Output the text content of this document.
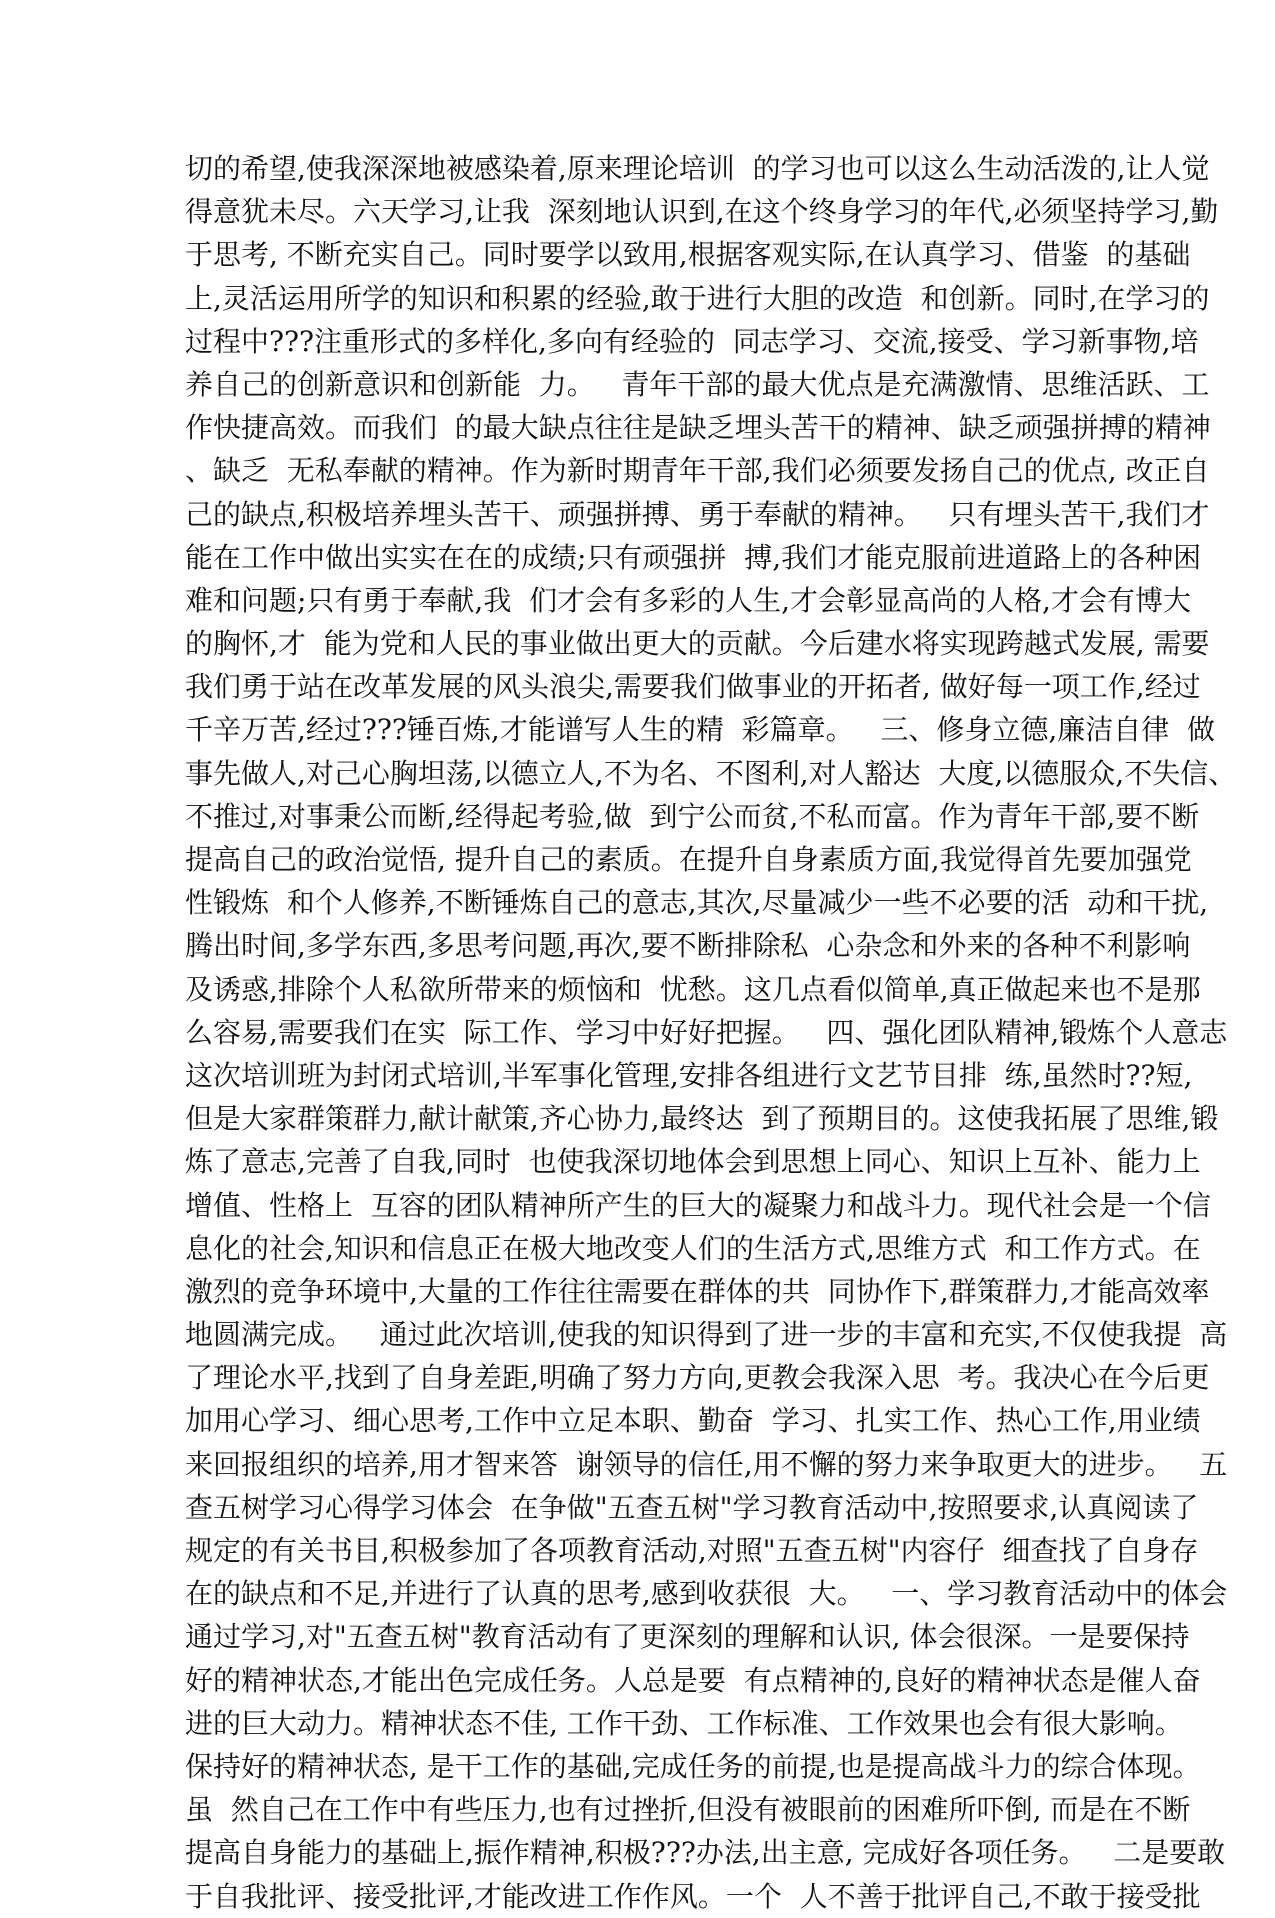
切的希望,使我深深地被感染着,原来理论培训  的学习也可以这么生动活泼的,让人觉
得意犹未尽。六天学习,让我  深刻地认识到,在这个终身学习的年代,必须坚持学习,勤
于思考, 不断充实自己。同时要学以致用,根据客观实际,在认真学习、借鉴  的基础
上,灵活运用所学的知识和积累的经验,敢于进行大胆的改造  和创新。同时,在学习的
过程中???注重形式的多样化,多向有经验的  同志学习、交流,接受、学习新事物,培
养自己的创新意识和创新能  力。   青年干部的最大优点是充满激情、思维活跃、工
作快捷高效。而我们  的最大缺点往往是缺乏埋头苦干的精神、缺乏顽强拼搏的精神
、缺乏  无私奉献的精神。作为新时期青年干部,我们必须要发扬自己的优点, 改正自
己的缺点,积极培养埋头苦干、顽强拼搏、勇于奉献的精神。   只有埋头苦干,我们才
能在工作中做出实实在在的成绩;只有顽强拼  搏,我们才能克服前进道路上的各种困
难和问题;只有勇于奉献,我  们才会有多彩的人生,才会彰显高尚的人格,才会有博大
的胸怀,才  能为党和人民的事业做出更大的贡献。今后建水将实现跨越式发展, 需要
我们勇于站在改革发展的风头浪尖,需要我们做事业的开拓者, 做好每一项工作,经过
千辛万苦,经过???锤百炼,才能谱写人生的精  彩篇章。   三、修身立德,廉洁自律  做
事先做人,对己心胸坦荡,以德立人,不为名、不图利,对人豁达  大度,以德服众,不失信、
不推过,对事秉公而断,经得起考验,做  到宁公而贫,不私而富。作为青年干部,要不断
提高自己的政治觉悟, 提升自己的素质。在提升自身素质方面,我觉得首先要加强党
性锻炼  和个人修养,不断锤炼自己的意志,其次,尽量减少一些不必要的活  动和干扰,
腾出时间,多学东西,多思考问题,再次,要不断排除私  心杂念和外来的各种不利影响
及诱惑,排除个人私欲所带来的烦恼和  忧愁。这几点看似简单,真正做起来也不是那
么容易,需要我们在实  际工作、学习中好好把握。   四、强化团队精神,锻炼个人意志
这次培训班为封闭式培训,半军事化管理,安排各组进行文艺节目排  练,虽然时??短,
但是大家群策群力,献计献策,齐心协力,最终达  到了预期目的。这使我拓展了思维,锻
炼了意志,完善了自我,同时  也使我深切地体会到思想上同心、知识上互补、能力上
增值、性格上  互容的团队精神所产生的巨大的凝聚力和战斗力。现代社会是一个信
息化的社会,知识和信息正在极大地改变人们的生活方式,思维方式  和工作方式。在
激烈的竞争环境中,大量的工作往往需要在群体的共  同协作下,群策群力,才能高效率
地圆满完成。   通过此次培训,使我的知识得到了进一步的丰富和充实,不仅使我提  高
了理论水平,找到了自身差距,明确了努力方向,更教会我深入思  考。我决心在今后更
加用心学习、细心思考,工作中立足本职、勤奋  学习、扎实工作、热心工作,用业绩
来回报组织的培养,用才智来答  谢领导的信任,用不懈的努力来争取更大的进步。   五
查五树学习心得学习体会  在争做"五查五树"学习教育活动中,按照要求,认真阅读了
规定的有关书目,积极参加了各项教育活动,对照"五查五树"内容仔  细查找了自身存
在的缺点和不足,并进行了认真的思考,感到收获很  大。   一、学习教育活动中的体会
通过学习,对"五查五树"教育活动有了更深刻的理解和认识, 体会很深。一是要保持
好的精神状态,才能出色完成任务。人总是要  有点精神的,良好的精神状态是催人奋
进的巨大动力。精神状态不佳, 工作干劲、工作标准、工作效果也会有很大影响。
保持好的精神状态, 是干工作的基础,完成任务的前提,也是提高战斗力的综合体现。
虽  然自己在工作中有些压力,也有过挫折,但没有被眼前的困难所吓倒, 而是在不断
提高自身能力的基础上,振作精神,积极???办法,出主意, 完成好各项任务。   二是要敢
于自我批评、接受批评,才能改进工作作风。一个  人不善于批评自己,不敢于接受批
